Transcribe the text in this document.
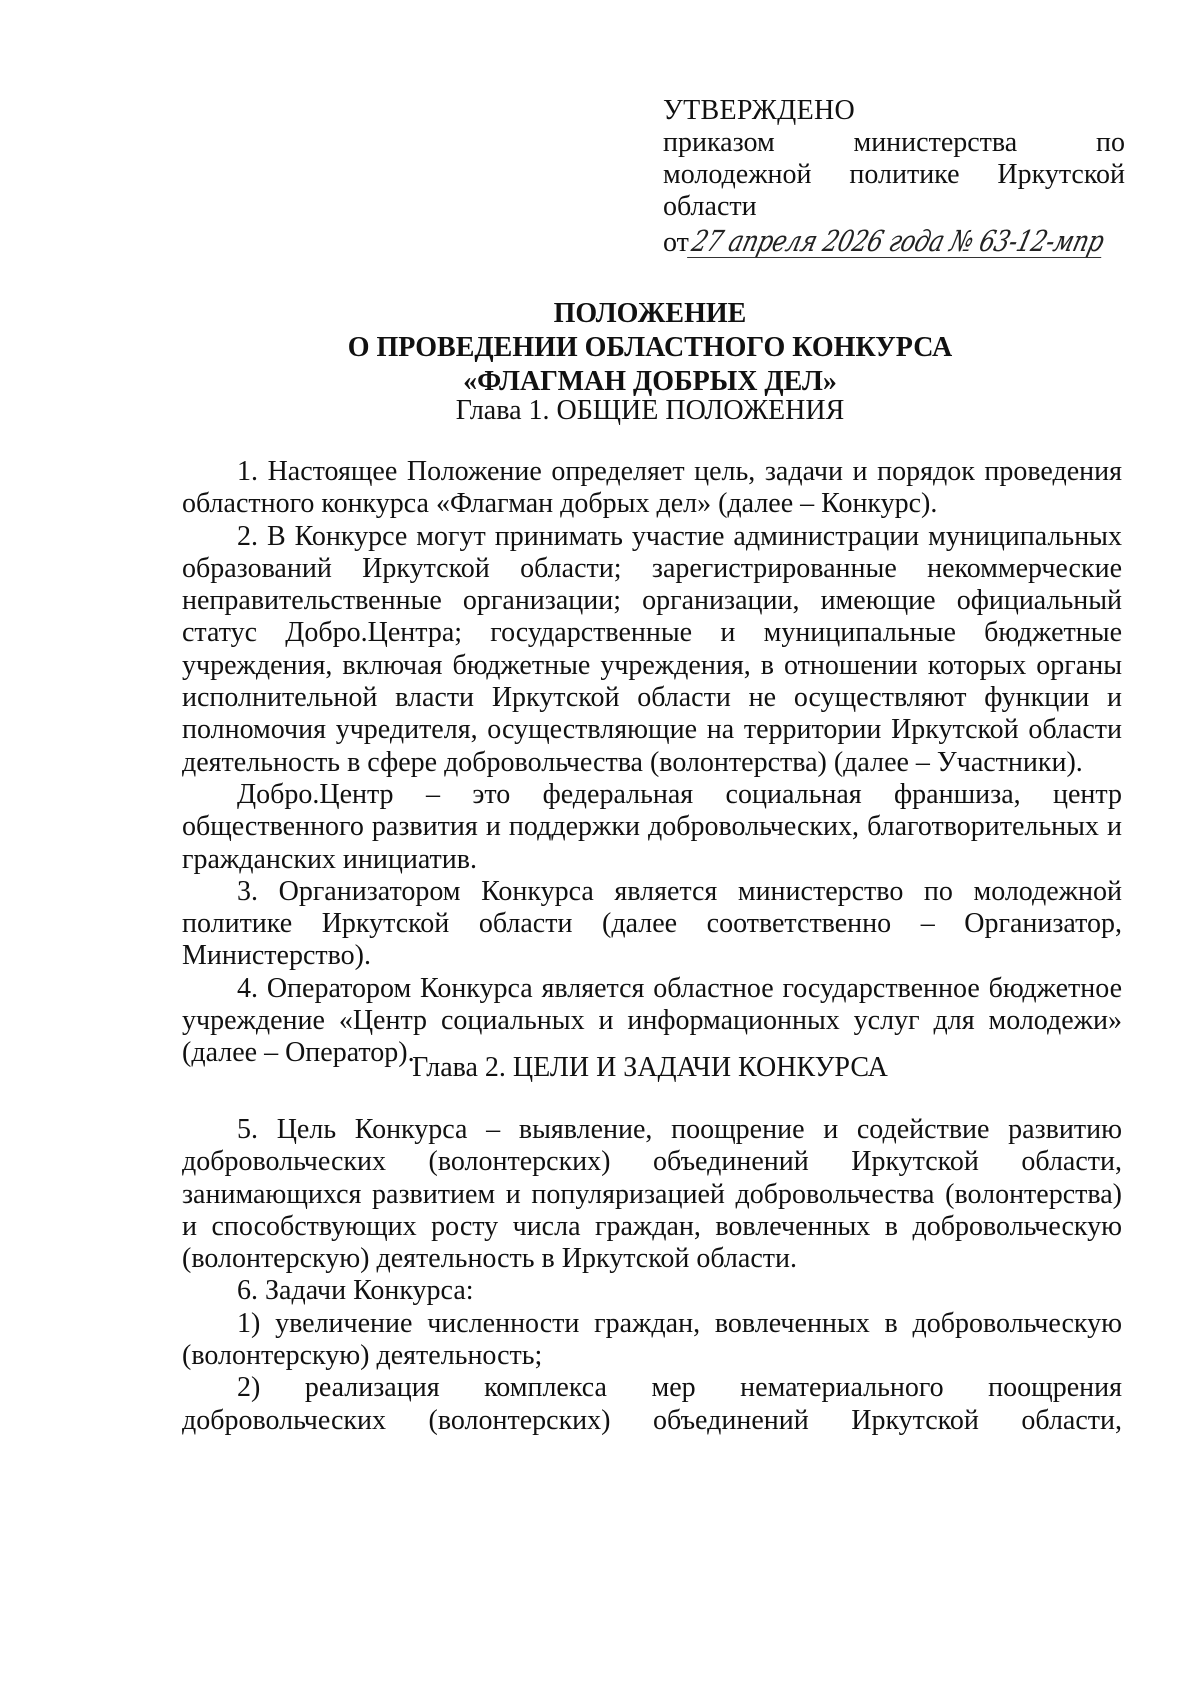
УТВЕРЖДЕНО
приказом министерства по молодежной политике Иркутской области
от27 апреля 2026 года № 63-12-мпр
ПОЛОЖЕНИЕ
О ПРОВЕДЕНИИ ОБЛАСТНОГО КОНКУРСА
«ФЛАГМАН ДОБРЫХ ДЕЛ»
Глава 1. ОБЩИЕ ПОЛОЖЕНИЯ

1. Настоящее Положение определяет цель, задачи и порядок проведения областного конкурса «Флагман добрых дел» (далее – Конкурс).

2. В Конкурсе могут принимать участие администрации муниципальных образований Иркутской области; зарегистрированные некоммерческие неправительственные организации; организации, имеющие официальный статус Добро.Центра; государственные и муниципальные бюджетные учреждения, включая бюджетные учреждения, в отношении которых органы исполнительной власти Иркутской области не осуществляют функции и полномочия учредителя, осуществляющие на территории Иркутской области деятельность в сфере добровольчества (волонтерства) (далее – Участники).

Добро.Центр – это федеральная социальная франшиза, центр общественного развития и поддержки добровольческих, благотворительных и гражданских инициатив.

3. Организатором Конкурса является министерство по молодежной политике Иркутской области (далее соответственно – Организатор, Министерство).

4. Оператором Конкурса является областное государственное бюджетное учреждение «Центр социальных и информационных услуг для молодежи» (далее – Оператор).

Глава 2. ЦЕЛИ И ЗАДАЧИ КОНКУРСА

5. Цель Конкурса – выявление, поощрение и содействие развитию добровольческих (волонтерских) объединений Иркутской области, занимающихся развитием и популяризацией добровольчества (волонтерства) и способствующих росту числа граждан, вовлеченных в добровольческую (волонтерскую) деятельность в Иркутской области.

6. Задачи Конкурса:

1) увеличение численности граждан, вовлеченных в добровольческую (волонтерскую) деятельность;

2) реализация комплекса мер нематериального поощрения добровольческих (волонтерских) объединений Иркутской области,
